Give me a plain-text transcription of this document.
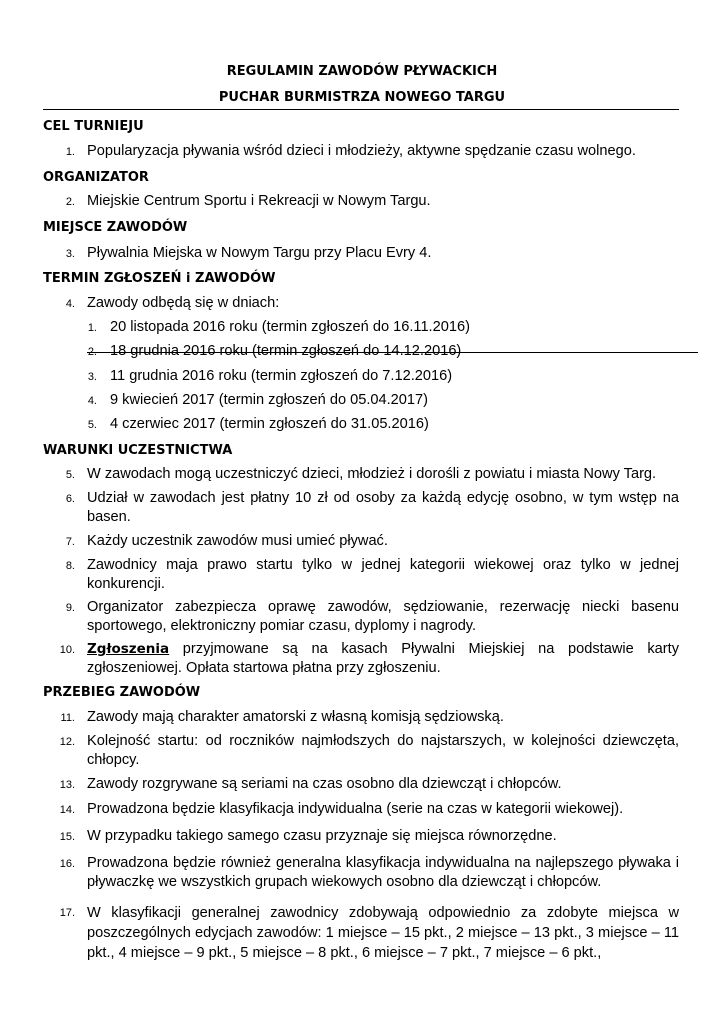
REGULAMIN ZAWODÓW PŁYWACKICH
PUCHAR BURMISTRZA NOWEGO TARGU
CEL TURNIEJU
1. Popularyzacja pływania wśród dzieci i młodzieży, aktywne spędzanie czasu wolnego.
ORGANIZATOR
2. Miejskie Centrum Sportu i Rekreacji w Nowym Targu.
MIEJSCE ZAWODÓW
3. Pływalnia Miejska w Nowym Targu przy Placu Evry 4.
TERMIN ZGŁOSZEŃ i ZAWODÓW
4. Zawody odbędą się w dniach:
1. 20 listopada 2016 roku (termin zgłoszeń do 16.11.2016)
2. 18 grudnia 2016 roku (termin zgłoszeń do 14.12.2016)
3. 11 grudnia 2016 roku (termin zgłoszeń do 7.12.2016)
4. 9 kwiecień 2017 (termin zgłoszeń do 05.04.2017)
5. 4 czerwiec 2017 (termin zgłoszeń do 31.05.2016)
WARUNKI UCZESTNICTWA
5. W zawodach mogą uczestniczyć dzieci, młodzież i dorośli z powiatu i miasta Nowy Targ.
6. Udział w zawodach jest płatny 10 zł od osoby za każdą edycję osobno, w tym wstęp na basen.
7. Każdy uczestnik zawodów musi umieć pływać.
8. Zawodnicy maja prawo startu tylko w jednej kategorii wiekowej oraz tylko w jednej konkurencji.
9. Organizator zabezpiecza oprawę zawodów, sędziowanie, rezerwację niecki basenu sportowego, elektroniczny pomiar czasu, dyplomy i nagrody.
10. Zgłoszenia przyjmowane są na kasach Pływalni Miejskiej na podstawie karty zgłoszeniowej. Opłata startowa płatna przy zgłoszeniu.
PRZEBIEG ZAWODÓW
11. Zawody mają charakter amatorski z własną komisją sędziowską.
12. Kolejność startu: od roczników najmłodszych do najstarszych, w kolejności dziewczęta, chłopcy.
13. Zawody rozgrywane są seriami na czas osobno dla dziewcząt i chłopców.
14. Prowadzona będzie klasyfikacja indywidualna (serie na czas w kategorii wiekowej).
15. W przypadku takiego samego czasu przyznaje się miejsca równorzędne.
16. Prowadzona będzie również generalna klasyfikacja indywidualna na najlepszego pływaka i pływaczkę we wszystkich grupach wiekowych osobno dla dziewcząt i chłopców.
17. W klasyfikacji generalnej zawodnicy zdobywają odpowiednio za zdobyte miejsca w poszczególnych edycjach zawodów: 1 miejsce – 15 pkt., 2 miejsce – 13 pkt., 3 miejsce – 11 pkt., 4 miejsce – 9 pkt., 5 miejsce – 8 pkt., 6 miejsce – 7 pkt., 7 miejsce – 6 pkt.,
